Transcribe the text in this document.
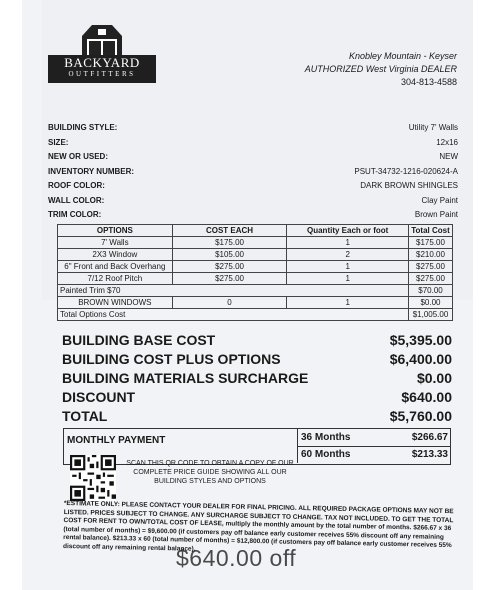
BACKYARD
OUTFITTERS
Knobley Mountain - Keyser
AUTHORIZED West Virginia DEALER
304-813-4588
BUILDING STYLE:	Utility 7' Walls
SIZE:	12x16
NEW OR USED:	NEW
INVENTORY NUMBER:	PSUT-34732-1216-020624-A
ROOF COLOR:	DARK BROWN SHINGLES
WALL COLOR:	Clay Paint
TRIM COLOR:	Brown Paint
OPTIONS	COST EACH	Quantity Each or foot	Total Cost
7' Walls	$175.00	1	$175.00
2X3 Window	$105.00	2	$210.00
6" Front and Back Overhang	$275.00	1	$275.00
7/12 Roof Pitch	$275.00	1	$275.00
Painted Trim $70			$70.00
BROWN WINDOWS	0	1	$0.00
Total Options Cost			$1,005.00
BUILDING BASE COST	$5,395.00
BUILDING COST PLUS OPTIONS	$6,400.00
BUILDING MATERIALS SURCHARGE	$0.00
DISCOUNT	$640.00
TOTAL	$5,760.00
MONTHLY PAYMENT	36 Months	$266.67
60 Months	$213.33
SCAN THIS QR CODE TO OBTAIN A COPY OF OUR COMPLETE PRICE GUIDE SHOWING ALL OUR BUILDING STYLES AND OPTIONS
*ESTIMATE ONLY: PLEASE CONTACT YOUR DEALER FOR FINAL PRICING. ALL REQUIRED PACKAGE OPTIONS MAY NOT BE LISTED. PRICES SUBJECT TO CHANGE. ANY SURCHARGE SUBJECT TO CHANGE. TAX NOT INCLUDED. TO GET THE TOTAL COST FOR RENT TO OWN/TOTAL COST OF LEASE, multiply the monthly amount by the total number of months. $266.67 x 36 (total number of months) = $9,600.00 (if customers pay off balance early customer receives 55% discount off any remaining rental balance). $213.33 x 60 (total number of months) = $12,800.00 (if customers pay off balance early customer receives 55% discount off any remaining rental balance).
$640.00 off
